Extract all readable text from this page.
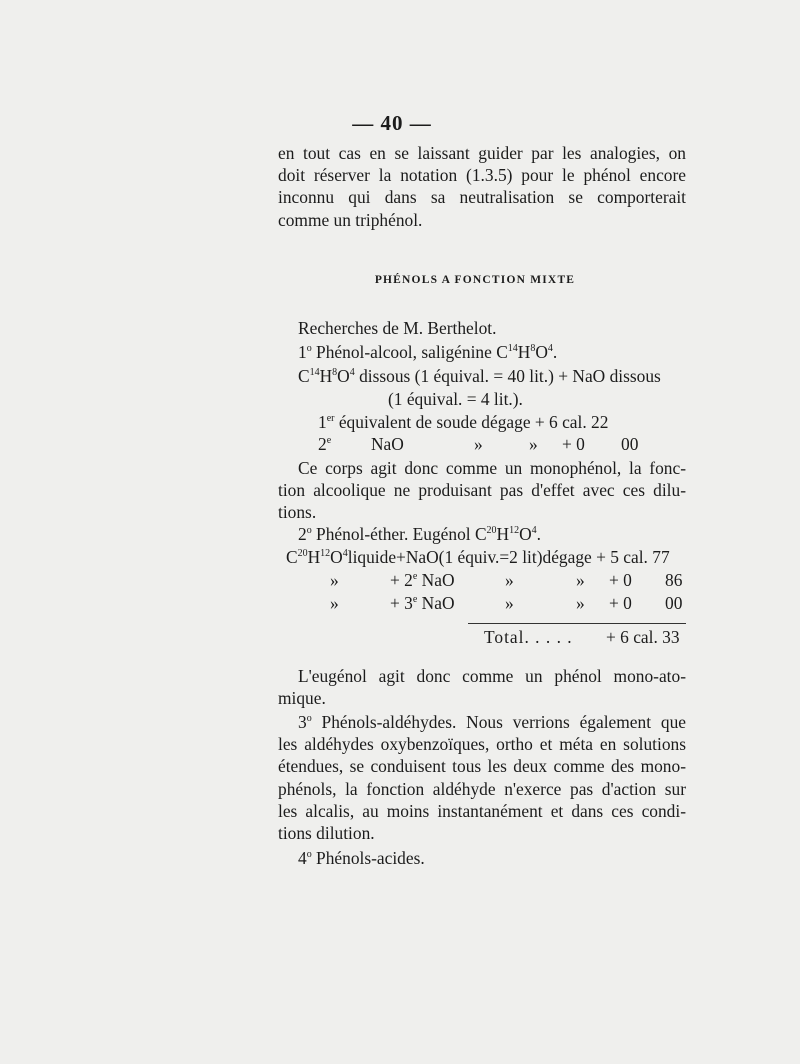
— 40 —
en tout cas en se laissant guider par les analogies, on
doit réserver la notation (1.3.5) pour le phénol encore
inconnu qui dans sa neutralisation se comporterait
comme un triphénol.
PHÉNOLS A FONCTION MIXTE
Recherches de M. Berthelot.
1$^o$ Phénol-alcool, saligénine $C^{14}H^8O^4$.
$C^{14}H^8O^4$ dissous (1 équival. = 40 lit.) + NaO dissous
(1 équival. = 4 lit.).
1er équivalent de soude dégage + 6 cal. 22
2e NaO	»	» + 0 00
Ce corps agit donc comme un monophénol, la fonc-
tion alcoolique ne produisant pas d'effet avec ces dilu-
tions.
2$^o$ Phénol-éther. Eugénol $C^{20}H^{12}O^4$.
$C^{20}H^{12}O^4liquide+NaO(1$ équiv.=2 lit)dégage + 5 cal. 77
»	+ $2^e$ NaO	»	» + 0 86
»	+ $3^e$ NaO	»	» + 0 00
Total. . . . . + 6 cal. 33
L'eugénol agit donc comme un phénol mono-ato-
mique.
3$^o$ Phénols-aldéhydes. Nous verrions également que
les aldéhydes oxybenzoïques, ortho et méta en solutions
étendues, se conduisent tous les deux comme des mono-
phénols, la fonction aldéhyde n'exerce pas d'action sur
les alcalis, au moins instantanément et dans ces condi-
tions dilution.
4$^o$ Phénols-acides.
